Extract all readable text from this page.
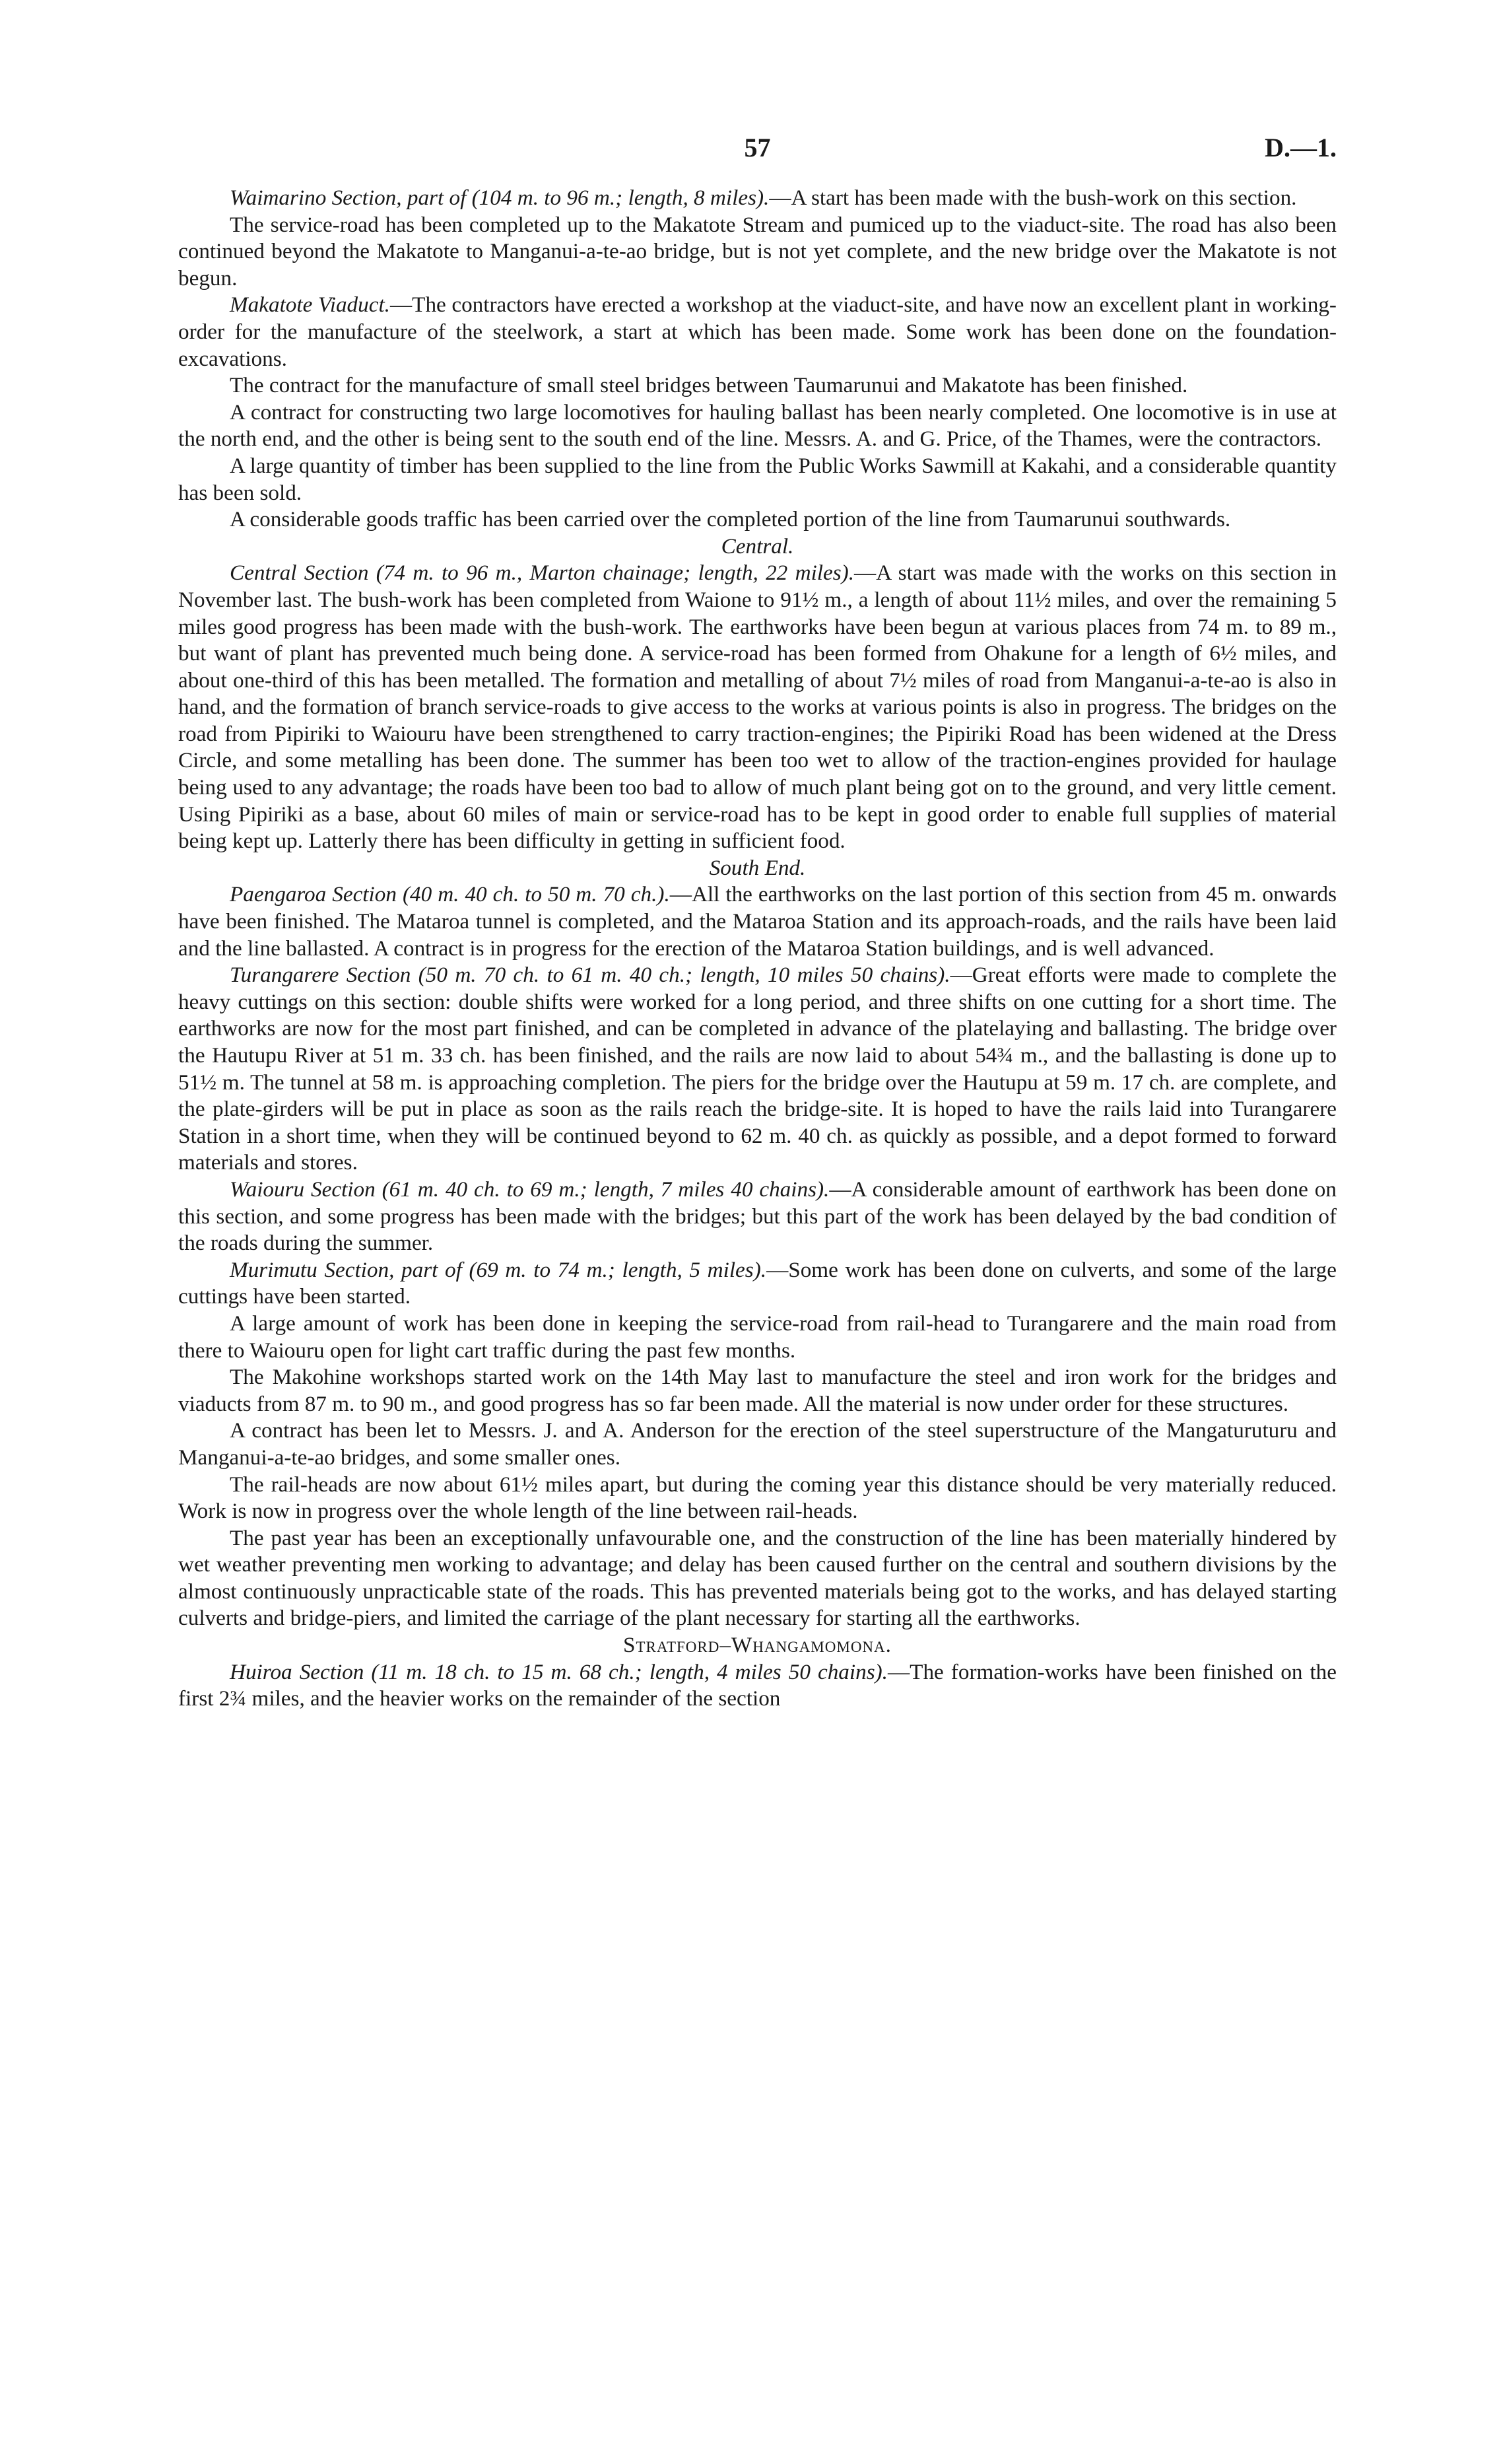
57	D.—1.

Waimarino Section, part of (104 m. to 96 m.; length, 8 miles).—A start has been made with the bush-work on this section.

The service-road has been completed up to the Makatote Stream and pumiced up to the viaduct-site. The road has also been continued beyond the Makatote to Manganui-a-te-ao bridge, but is not yet complete, and the new bridge over the Makatote is not begun.

Makatote Viaduct.—The contractors have erected a workshop at the viaduct-site, and have now an excellent plant in working-order for the manufacture of the steelwork, a start at which has been made. Some work has been done on the foundation-excavations.

The contract for the manufacture of small steel bridges between Taumarunui and Makatote has been finished.

A contract for constructing two large locomotives for hauling ballast has been nearly completed. One locomotive is in use at the north end, and the other is being sent to the south end of the line. Messrs. A. and G. Price, of the Thames, were the contractors.

A large quantity of timber has been supplied to the line from the Public Works Sawmill at Kakahi, and a considerable quantity has been sold.

A considerable goods traffic has been carried over the completed portion of the line from Taumarunui southwards.

Central.

Central Section (74 m. to 96 m., Marton chainage; length, 22 miles).—A start was made with the works on this section in November last. The bush-work has been completed from Waione to 91½ m., a length of about 11½ miles, and over the remaining 5 miles good progress has been made with the bush-work. The earthworks have been begun at various places from 74 m. to 89 m., but want of plant has prevented much being done. A service-road has been formed from Ohakune for a length of 6½ miles, and about one-third of this has been metalled. The formation and metalling of about 7½ miles of road from Manganui-a-te-ao is also in hand, and the formation of branch service-roads to give access to the works at various points is also in progress. The bridges on the road from Pipiriki to Waiouru have been strengthened to carry traction-engines; the Pipiriki Road has been widened at the Dress Circle, and some metalling has been done. The summer has been too wet to allow of the traction-engines provided for haulage being used to any advantage; the roads have been too bad to allow of much plant being got on to the ground, and very little cement. Using Pipiriki as a base, about 60 miles of main or service-road has to be kept in good order to enable full supplies of material being kept up. Latterly there has been difficulty in getting in sufficient food.

South End.

Paengaroa Section (40 m. 40 ch. to 50 m. 70 ch.).—All the earthworks on the last portion of this section from 45 m. onwards have been finished. The Mataroa tunnel is completed, and the Mataroa Station and its approach-roads, and the rails have been laid and the line ballasted. A contract is in progress for the erection of the Mataroa Station buildings, and is well advanced.

Turangarere Section (50 m. 70 ch. to 61 m. 40 ch.; length, 10 miles 50 chains).—Great efforts were made to complete the heavy cuttings on this section: double shifts were worked for a long period, and three shifts on one cutting for a short time. The earthworks are now for the most part finished, and can be completed in advance of the platelaying and ballasting. The bridge over the Hautupu River at 51 m. 33 ch. has been finished, and the rails are now laid to about 54¾ m., and the ballasting is done up to 51½ m. The tunnel at 58 m. is approaching completion. The piers for the bridge over the Hautupu at 59 m. 17 ch. are complete, and the plate-girders will be put in place as soon as the rails reach the bridge-site. It is hoped to have the rails laid into Turangarere Station in a short time, when they will be continued beyond to 62 m. 40 ch. as quickly as possible, and a depot formed to forward materials and stores.

Waiouru Section (61 m. 40 ch. to 69 m.; length, 7 miles 40 chains).—A considerable amount of earthwork has been done on this section, and some progress has been made with the bridges; but this part of the work has been delayed by the bad condition of the roads during the summer.

Murimutu Section, part of (69 m. to 74 m.; length, 5 miles).—Some work has been done on culverts, and some of the large cuttings have been started.

A large amount of work has been done in keeping the service-road from rail-head to Turangarere and the main road from there to Waiouru open for light cart traffic during the past few months.

The Makohine workshops started work on the 14th May last to manufacture the steel and iron work for the bridges and viaducts from 87 m. to 90 m., and good progress has so far been made. All the material is now under order for these structures.

A contract has been let to Messrs. J. and A. Anderson for the erection of the steel superstructure of the Mangaturuturu and Manganui-a-te-ao bridges, and some smaller ones.

The rail-heads are now about 61½ miles apart, but during the coming year this distance should be very materially reduced. Work is now in progress over the whole length of the line between rail-heads.

The past year has been an exceptionally unfavourable one, and the construction of the line has been materially hindered by wet weather preventing men working to advantage; and delay has been caused further on the central and southern divisions by the almost continuously unpracticable state of the roads. This has prevented materials being got to the works, and has delayed starting culverts and bridge-piers, and limited the carriage of the plant necessary for starting all the earthworks.

Stratford–Whangamomona.

Huiroa Section (11 m. 18 ch. to 15 m. 68 ch.; length, 4 miles 50 chains).—The formation-works have been finished on the first 2¾ miles, and the heavier works on the remainder of the section
